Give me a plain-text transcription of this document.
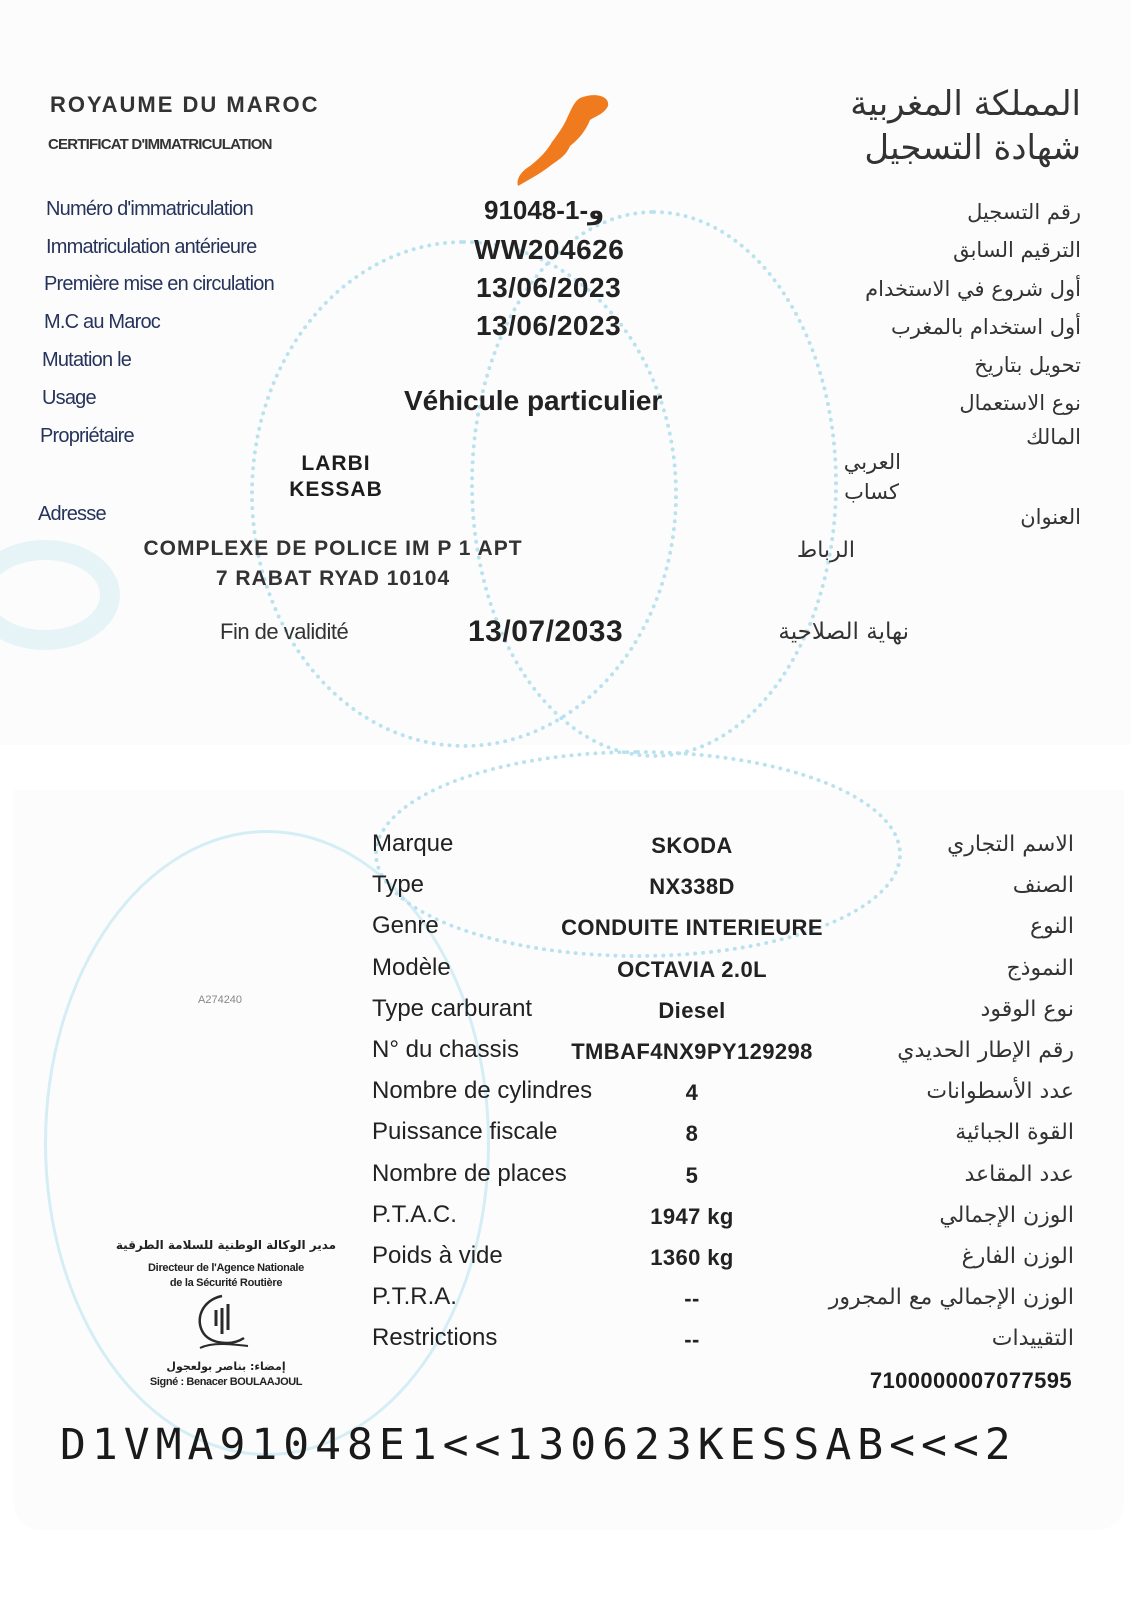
ROYAUME DU MAROC
CERTIFICAT D'IMMATRICULATION
المملكة المغربية
شهادة التسجيل
Numéro d'immatriculation	91048-و-1	رقم التسجيل
Immatriculation antérieure	WW204626	الترقيم السابق
Première mise en circulation	13/06/2023	أول شروع في الاستخدام
M.C au Maroc	13/06/2023	أول استخدام بالمغرب
Mutation le	تحويل بتاريخ
Usage	Véhicule particulier	نوع الاستعمال
Propriétaire	المالك
LARBI
KESSAB
العربي
كساب
Adresse	العنوان
COMPLEXE DE POLICE IM P 1 APT
7 RABAT RYAD 10104
الرباط
Fin de validité	13/07/2033	نهاية الصلاحية
A274240
Marque	SKODA	الاسم التجاري
Type	NX338D	الصنف
Genre	CONDUITE INTERIEURE	النوع
Modèle	OCTAVIA 2.0L	النموذج
Type carburant	Diesel	نوع الوقود
N° du chassis TMBAF4NX9PY129298	رقم الإطار الحديدي
Nombre de cylindres	4	عدد الأسطوانات
Puissance fiscale	8	القوة الجبائية
Nombre de places	5	عدد المقاعد
P.T.A.C.	1947 kg	الوزن الإجمالي
Poids à vide	1360 kg	الوزن الفارغ
P.T.R.A.	--	الوزن الإجمالي مع المجرور
Restrictions	--	التقييدات
7100000007077595
مدير الوكالة الوطنية للسلامة الطرقية
Directeur de l'Agence Nationale
de la Sécurité Routière
إمضاء: بناصر بولعجول
Signé : Benacer BOULAAJOUL
D1VMA91048E1<<130623KESSAB<<<2
